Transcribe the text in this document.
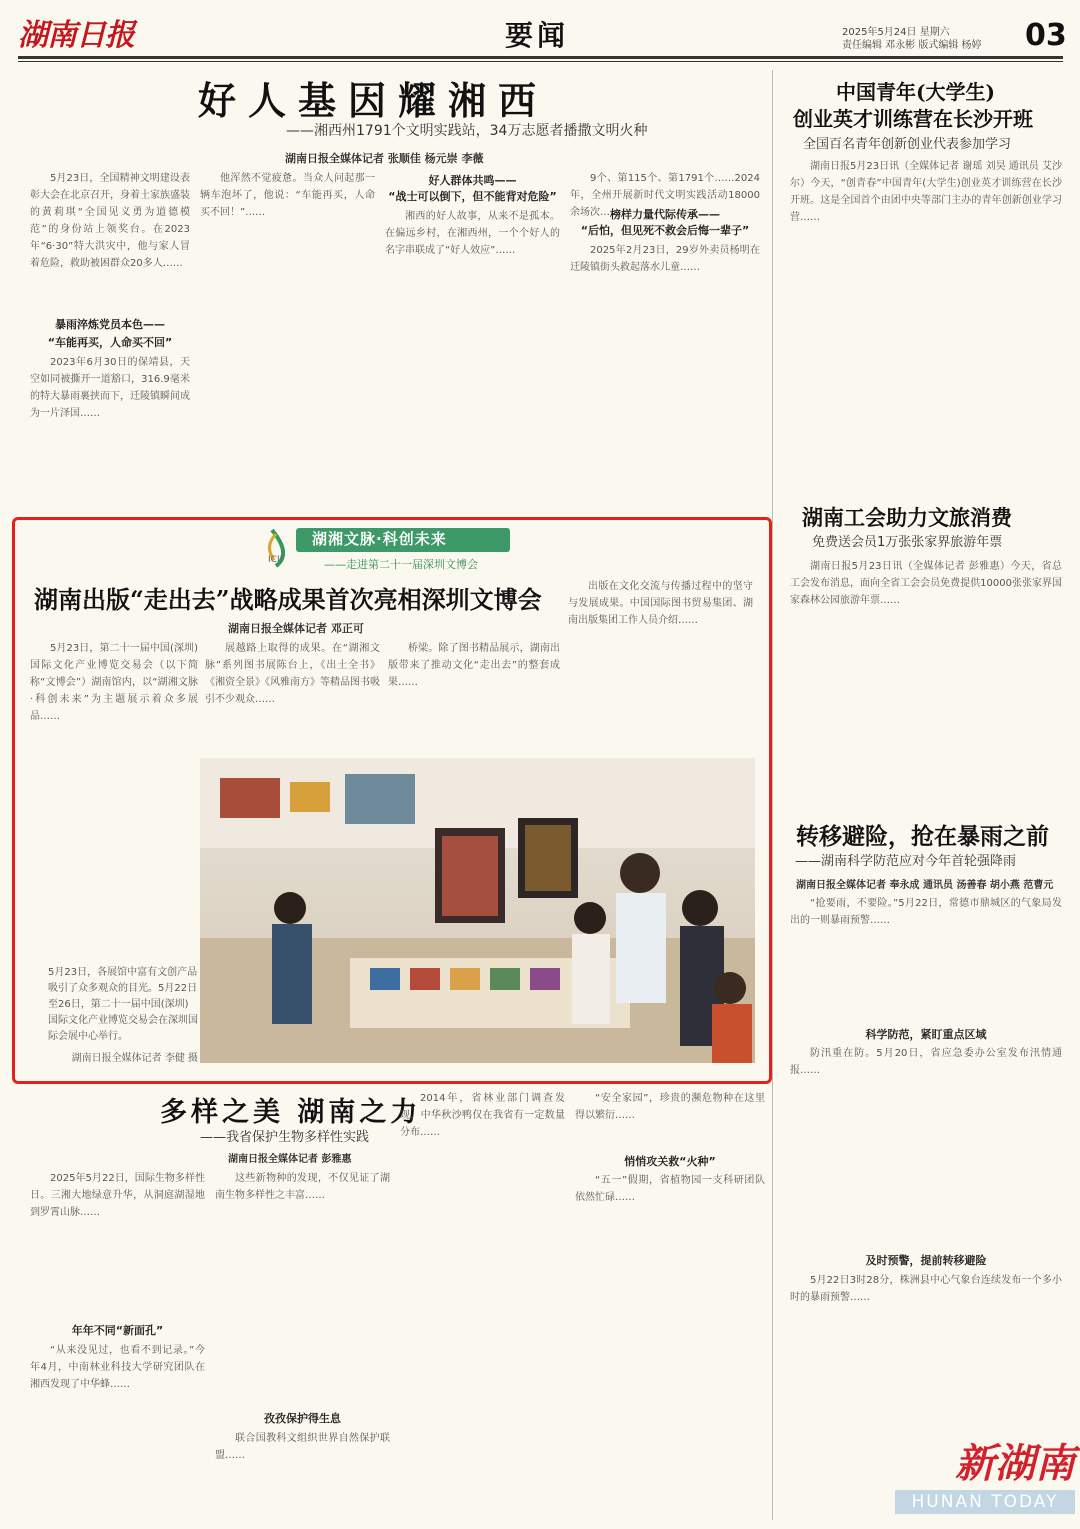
湖南日报	要闻	2025年5月24日 星期六
责任编辑 邓永彬 版式编辑 杨婷	03
好人基因耀湘西
——湘西州1791个文明实践站，34万志愿者播撒文明火种
湖南日报全媒体记者 张顺佳 杨元崇 李薇

5月23日，全国精神文明建设表彰大会在北京召开，身着土家族盛装的黄莉琪“全国见义勇为道德模范”的身份站上领奖台。在2023年“6·30”特大洪灾中，他与家人冒着危险，救助被困群众20多人……

暴雨淬炼党员本色——
“车能再买，人命买不回”

2023年6月30日的保靖县，天空如同被撕开一道豁口，316.9毫米的特大暴雨裹挟而下，迁陵镇瞬间成为一片泽国……

他浑然不觉疲惫。当众人问起那一辆车泡坏了，他说：“车能再买，人命买不回！”……

好人群体共鸣——
“战士可以倒下，但不能背对危险”

湘西的好人故事，从来不是孤本。在偏远乡村，在湘西州，一个个好人的名字串联成了“好人效应”……

9个、第115个、第1791个……2024年，全州开展新时代文明实践活动18000余场次……

榜样力量代际传承——
“后怕，但见死不救会后悔一辈子”

2025年2月23日，29岁外卖员杨明在迁陵镇街头救起落水儿童……

中国青年(大学生)
创业英才训练营在长沙开班
全国百名青年创新创业代表参加学习

湖南日报5月23日讯（全媒体记者 谢瑶 刘昊 通讯员 艾沙尔）今天，“创青春”中国青年(大学生)创业英才训练营在长沙开班。这是全国首个由团中央等部门主办的青年创新创业学习营……

ICIF
湖湘文脉·科创未来
——走进第二十一届深圳文博会
湖南出版“走出去”战略成果首次亮相深圳文博会
湖南日报全媒体记者 邓正可

5月23日，第二十一届中国(深圳)国际文化产业博览交易会（以下简称“文博会”）湖南馆内，以“湖湘文脉·科创未来”为主题展示着众多展品……

展越路上取得的成果。在“湖湘文脉”系列图书展陈台上，《出土全书》《湘资全景》《风雅南方》等精品图书吸引不少观众……

桥梁。除了图书精品展示，湖南出版带来了推动文化“走出去”的整套成果……

出版在文化交流与传播过程中的坚守与发展成果。中国国际图书贸易集团、湖南出版集团工作人员介绍……

5月23日，各展馆中富有文创产品吸引了众多观众的目光。5月22日至26日，第二十一届中国(深圳)国际文化产业博览交易会在深圳国际会展中心举行。
湖南日报全媒体记者 李健 摄
湖南工会助力文旅消费
免费送会员1万张张家界旅游年票

湖南日报5月23日讯（全媒体记者 彭雅惠）今天，省总工会发布消息，面向全省工会会员免费提供10000张张家界国家森林公园旅游年票……

转移避险，抢在暴雨之前
——湖南科学防范应对今年首轮强降雨
湖南日报全媒体记者 奉永成 通讯员 汤善春 胡小燕 范曹元

“抢要雨，不要险。”5月22日，常德市鼎城区的气象局发出的一则暴雨预警……

科学防范，紧盯重点区域

防汛重在防。5月20日，省应急委办公室发布汛情通报……

及时预警，提前转移避险

5月22日3时28分，株洲县中心气象台连续发布一个多小时的暴雨预警……

多样之美 湖南之力
——我省保护生物多样性实践
湖南日报全媒体记者 彭雅惠

2025年5月22日，国际生物多样性日。三湘大地绿意升华，从洞庭湖湿地到罗霄山脉……

年年不同“新面孔”

“从来没见过，也看不到记录。”今年4月，中南林业科技大学研究团队在湘西发现了中华蜂……

这些新物种的发现，不仅见证了湖南生物多样性之丰富……

孜孜保护得生息

联合国教科文组织世界自然保护联盟……

2014年，省林业部门调查发现，中华秋沙鸭仅在我省有一定数量分布……

“安全家园”，珍贵的濒危物种在这里得以繁衍……

悄悄攻关救“火种”

“五一”假期，省植物园一支科研团队依然忙碌……

新湖南
HUNAN TODAY
